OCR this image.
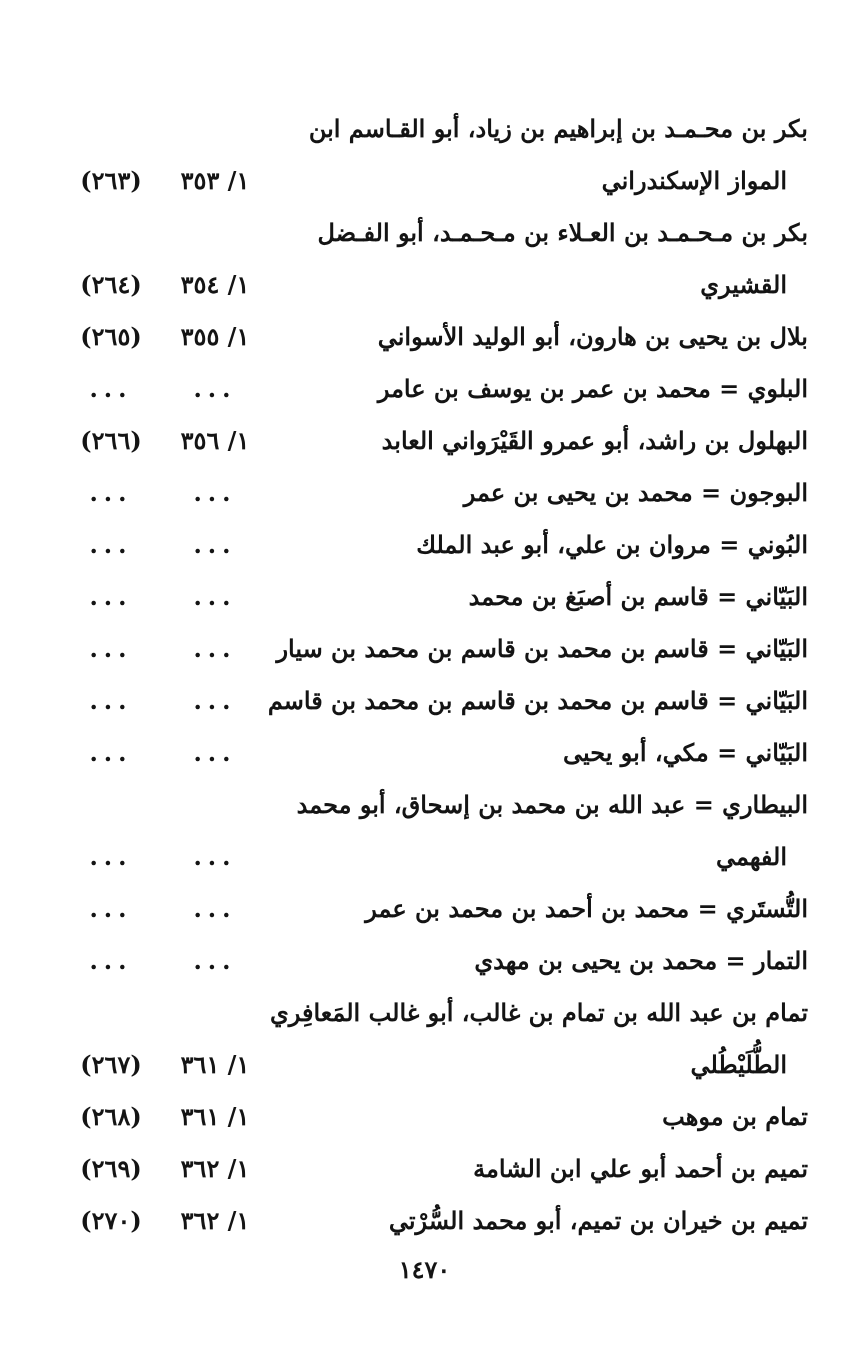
بكر بن محـمـد بن إبراهيم بن زياد، أبو القـاسم ابن
المواز الإسكندراني
١/ ٣٥٣
(٢٦٣)
بكر بن مـحـمـد بن العـلاء بن مـحـمـد، أبو الفـضل
القشيري
١/ ٣٥٤
(٢٦٤)
بلال بن يحيى بن هارون، أبو الوليد الأسواني
١/ ٣٥٥
(٢٦٥)
البلوي = محمد بن عمر بن يوسف بن عامر
...
...
البهلول بن راشد، أبو عمرو القَيْرَواني العابد
١/ ٣٥٦
(٢٦٦)
البوجون = محمد بن يحيى بن عمر
...
...
البُوني = مروان بن علي، أبو عبد الملك
...
...
البَيّاني = قاسم بن أصبَغ بن محمد
...
...
البَيّاني = قاسم بن محمد بن قاسم بن محمد بن سيار
...
...
البَيّاني = قاسم بن محمد بن قاسم بن محمد بن قاسم
...
...
البَيّاني = مكي، أبو يحيى
...
...
البيطاري = عبد الله بن محمد بن إسحاق، أبو محمد
الفهمي
...
...
التُّستَري = محمد بن أحمد بن محمد بن عمر
...
...
التمار = محمد بن يحيى بن مهدي
...
...
تمام بن عبد الله بن تمام بن غالب، أبو غالب المَعافِري
الطُّلَيْطُلي
١/ ٣٦١
(٢٦٧)
تمام بن موهب
١/ ٣٦١
(٢٦٨)
تميم بن أحمد أبو علي ابن الشامة
١/ ٣٦٢
(٢٦٩)
تميم بن خيران بن تميم، أبو محمد السُّرْتي
١/ ٣٦٢
(٢٧٠)
١٤٧٠
